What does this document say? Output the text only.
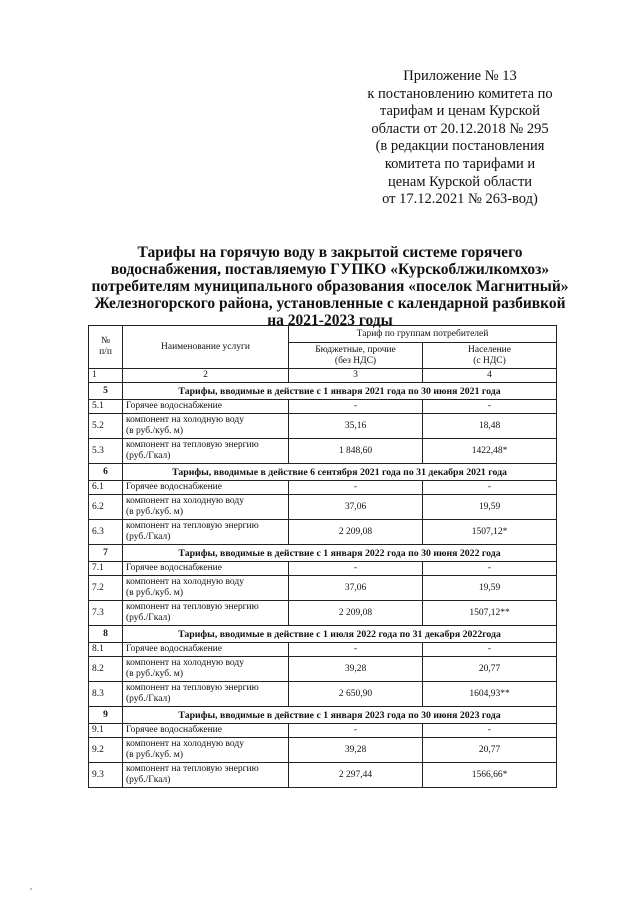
Приложение № 13
к постановлению комитета по
тарифам и ценам Курской
области от 20.12.2018 № 295
(в редакции постановления
комитета по тарифами и
ценам Курской области
от 17.12.2021 № 263-вод)
Тарифы на горячую воду в закрытой системе горячего
водоснабжения, поставляемую ГУПКО «Курскоблжилкомхоз»
потребителям муниципального образования «поселок Магнитный»
Железногорского района, установленные с календарной разбивкой
на 2021-2023 годы
№
п/п	Наименование услуги	Тариф по группам потребителей	
		Бюджетные, прочие
(без НДС)	Население
(с НДС)
1	2	3	4
5	Тарифы, вводимые в действие с 1 января 2021 года по 30 июня 2021 года		
5.1	Горячее водоснабжение	-	-
5.2	компонент на холодную воду
(в руб./куб. м)	35,16	18,48
5.3	компонент на тепловую энергию
(руб./Гкал)	1 848,60	1422,48*
6	Тарифы, вводимые в действие 6 сентября 2021 года по 31 декабря 2021 года		
6.1	Горячее водоснабжение	-	-
6.2	компонент на холодную воду
(в руб./куб. м)	37,06	19,59
6.3	компонент на тепловую энергию
(руб./Гкал)	2 209,08	1507,12*
7	Тарифы, вводимые в действие с 1 января 2022 года по 30 июня 2022 года		
7.1	Горячее водоснабжение	-	-
7.2	компонент на холодную воду
(в руб./куб. м)	37,06	19,59
7.3	компонент на тепловую энергию
(руб./Гкал)	2 209,08	1507,12**
8	Тарифы, вводимые в действие с 1 июля 2022 года по 31 декабря 2022года		
8.1	Горячее водоснабжение	-	-
8.2	компонент на холодную воду
(в руб./куб. м)	39,28	20,77
8.3	компонент на тепловую энергию
(руб./Гкал)	2 650,90	1604,93**
9	Тарифы, вводимые в действие с 1 января 2023 года по 30 июня 2023 года		
9.1	Горячее водоснабжение	-	-
9.2	компонент на холодную воду
(в руб./куб. м)	39,28	20,77
9.3	компонент на тепловую энергию
(руб./Гкал)	2 297,44	1566,66*
